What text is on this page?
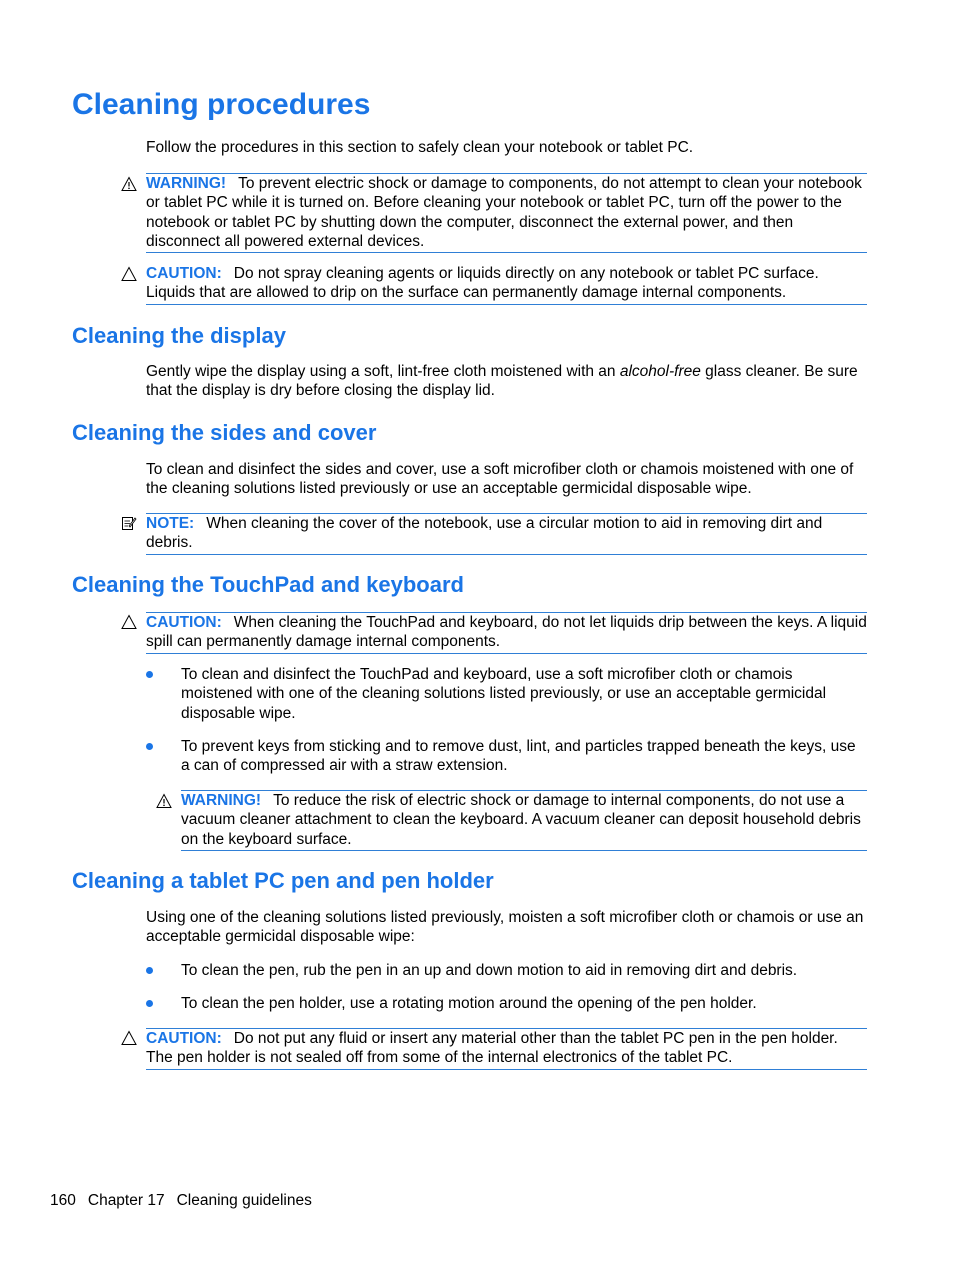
Cleaning procedures

Follow the procedures in this section to safely clean your notebook or tablet PC.

WARNING! To prevent electric shock or damage to components, do not attempt to clean your notebook or tablet PC while it is turned on. Before cleaning your notebook or tablet PC, turn off the power to the notebook or tablet PC by shutting down the computer, disconnect the external power, and then disconnect all powered external devices.
CAUTION: Do not spray cleaning agents or liquids directly on any notebook or tablet PC surface. Liquids that are allowed to drip on the surface can permanently damage internal components.
Cleaning the display

Gently wipe the display using a soft, lint-free cloth moistened with an alcohol-free glass cleaner. Be sure that the display is dry before closing the display lid.

Cleaning the sides and cover

To clean and disinfect the sides and cover, use a soft microfiber cloth or chamois moistened with one of the cleaning solutions listed previously or use an acceptable germicidal disposable wipe.

NOTE: When cleaning the cover of the notebook, use a circular motion to aid in removing dirt and debris.
Cleaning the TouchPad and keyboard
CAUTION: When cleaning the TouchPad and keyboard, do not let liquids drip between the keys. A liquid spill can permanently damage internal components.
To clean and disinfect the TouchPad and keyboard, use a soft microfiber cloth or chamois moistened with one of the cleaning solutions listed previously, or use an acceptable germicidal disposable wipe.
To prevent keys from sticking and to remove dust, lint, and particles trapped beneath the keys, use a can of compressed air with a straw extension.
WARNING! To reduce the risk of electric shock or damage to internal components, do not use a vacuum cleaner attachment to clean the keyboard. A vacuum cleaner can deposit household debris on the keyboard surface.
Cleaning a tablet PC pen and pen holder

Using one of the cleaning solutions listed previously, moisten a soft microfiber cloth or chamois or use an acceptable germicidal disposable wipe:

To clean the pen, rub the pen in an up and down motion to aid in removing dirt and debris.
To clean the pen holder, use a rotating motion around the opening of the pen holder.
CAUTION: Do not put any fluid or insert any material other than the tablet PC pen in the pen holder. The pen holder is not sealed off from some of the internal electronics of the tablet PC.
160 Chapter 17 Cleaning guidelines
